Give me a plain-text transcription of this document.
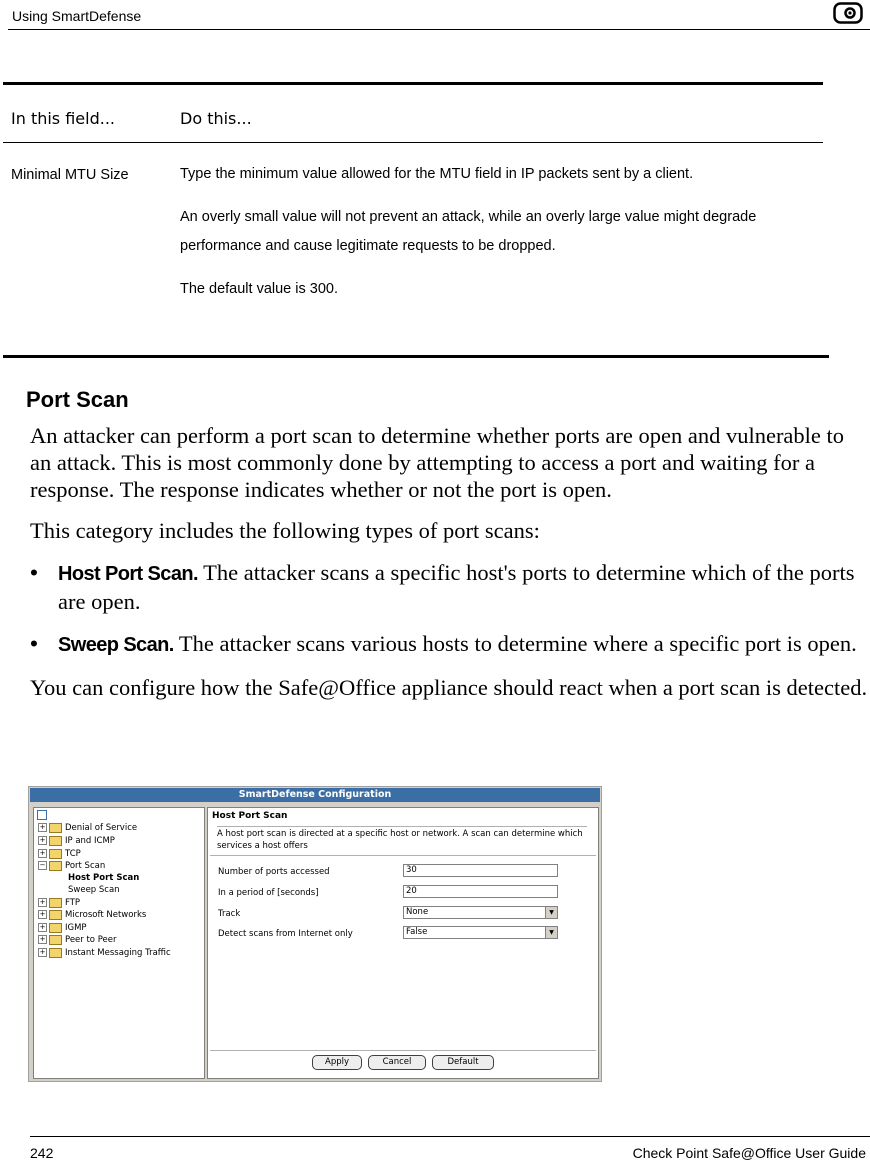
Using SmartDefense
In this field...	Do this...
Minimal MTU Size	Type the minimum value allowed for the MTU field in IP packets sent by a client.

An overly small value will not prevent an attack, while an overly large value might degrade performance and cause legitimate requests to be dropped.

The default value is 300.

Port Scan

An attacker can perform a port scan to determine whether ports are open and vulnerable to an attack. This is most commonly done by attempting to access a port and waiting for a response. The response indicates whether or not the port is open.

This category includes the following types of port scans:

• Host Port Scan. The attacker scans a specific host's ports to determine which of the ports are open.

• Sweep Scan. The attacker scans various hosts to determine where a specific port is open.

You can configure how the Safe@Office appliance should react when a port scan is detected.

SmartDefense Configuration
+ Denial of Service
+ IP and ICMP
+ TCP
− Port Scan
Host Port Scan
Sweep Scan
+ FTP
+ Microsoft Networks
+ IGMP
+ Peer to Peer
+ Instant Messaging Traffic
Host Port Scan
A host port scan is directed at a specific host or network. A scan can determine which services a host offers
Number of ports accessed	30
In a period of [seconds]	20
Track	None	▼
Detect scans from Internet only	False	▼
Apply	Cancel	Default
242	Check Point Safe@Office User Guide
